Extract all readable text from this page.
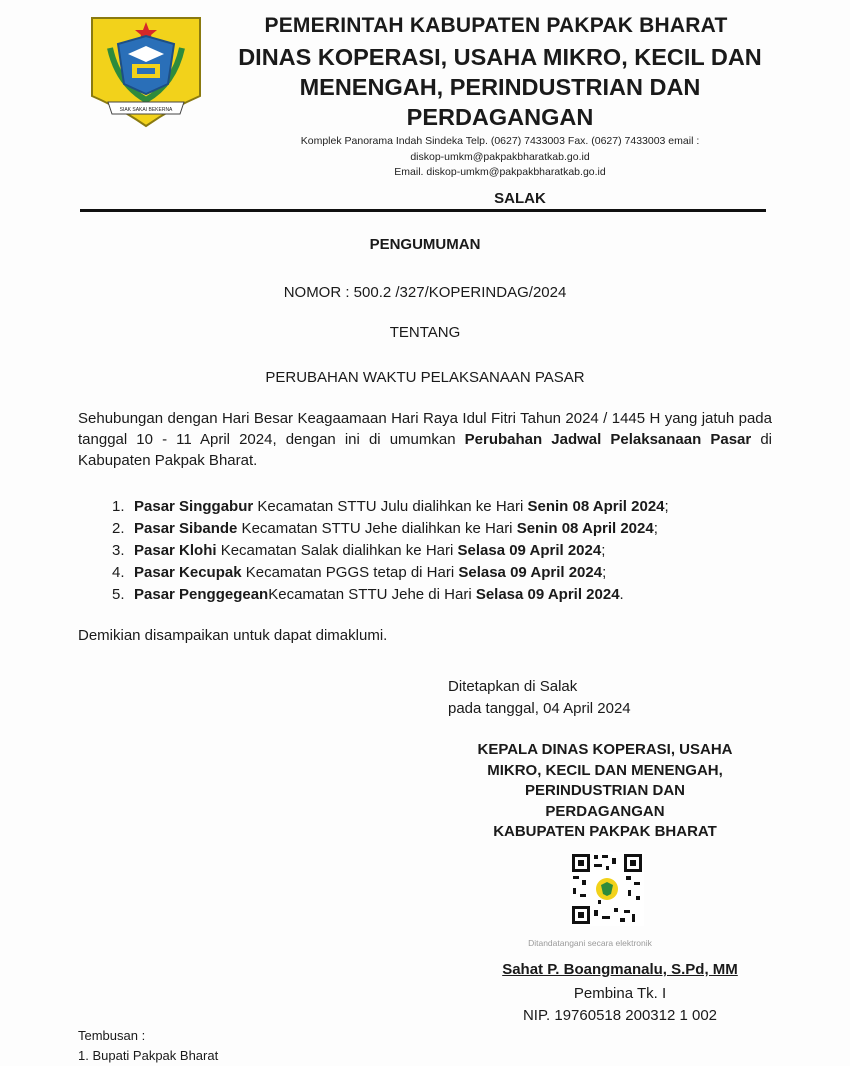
SIAK SAKAI BEKERNA
PEMERINTAH KABUPATEN PAKPAK BHARAT
DINAS KOPERASI, USAHA MIKRO, KECIL DAN
MENENGAH, PERINDUSTRIAN DAN
PERDAGANGAN
Komplek Panorama Indah Sindeka Telp. (0627) 7433003 Fax. (0627) 7433003 email :
diskop-umkm@pakpakbharatkab.go.id
Email. diskop-umkm@pakpakbharatkab.go.id
SALAK
PENGUMUMAN
NOMOR : 500.2 /327/KOPERINDAG/2024
TENTANG
PERUBAHAN WAKTU PELAKSANAAN PASAR
Sehubungan dengan Hari Besar Keagaamaan Hari Raya Idul Fitri Tahun 2024 / 1445 H yang jatuh pada tanggal 10 - 11 April 2024, dengan ini di umumkan Perubahan Jadwal Pelaksanaan Pasar di Kabupaten Pakpak Bharat.
1. Pasar Singgabur Kecamatan STTU Julu dialihkan ke Hari Senin 08 April 2024;
2. Pasar Sibande Kecamatan STTU Jehe dialihkan ke Hari Senin 08 April 2024;
3. Pasar Klohi Kecamatan Salak dialihkan ke Hari Selasa 09 April 2024;
4. Pasar Kecupak Kecamatan PGGS tetap di Hari Selasa 09 April 2024;
5. Pasar PenggegeanKecamatan STTU Jehe di Hari Selasa 09 April 2024.
Demikian disampaikan untuk dapat dimaklumi.
Ditetapkan di Salak
pada tanggal, 04 April 2024
KEPALA DINAS KOPERASI, USAHA
MIKRO, KECIL DAN MENENGAH,
PERINDUSTRIAN DAN
PERDAGANGAN
KABUPATEN PAKPAK BHARAT
Ditandatangani secara elektronik
Sahat P. Boangmanalu, S.Pd, MM
Pembina Tk. I
NIP. 19760518 200312 1 002
Tembusan :
1. Bupati Pakpak Bharat
